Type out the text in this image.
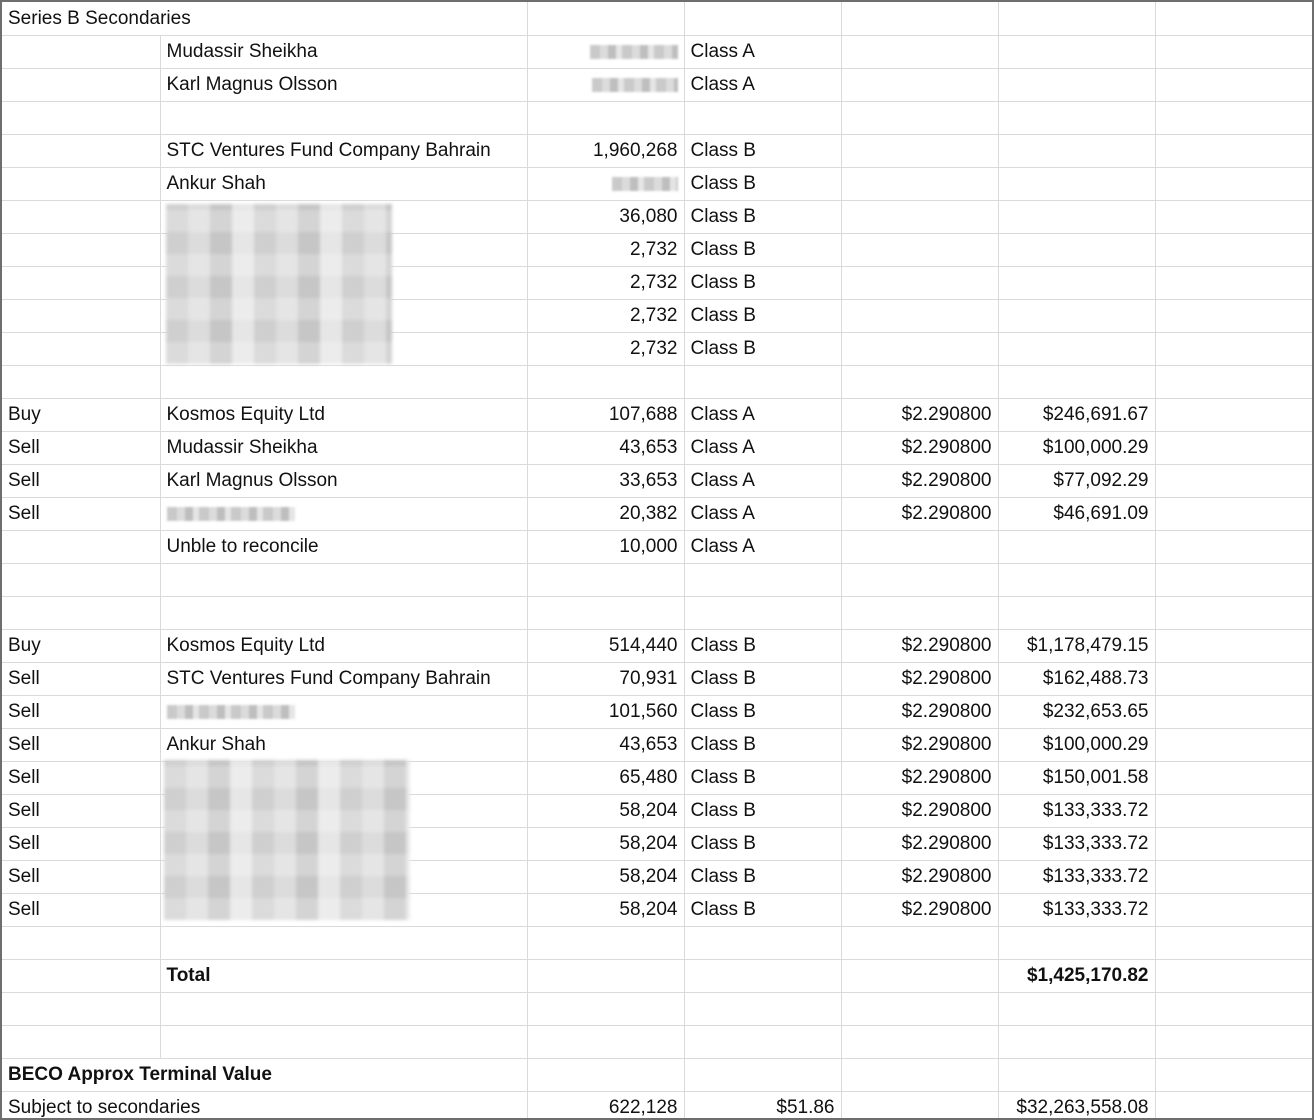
Series B Secondaries						
	Mudassir Sheikha		Class A			
	Karl Magnus Olsson		Class A			

	STC Ventures Fund Company Bahrain	1,960,268	Class B			
	Ankur Shah		Class B			
		36,080	Class B			
		2,732	Class B			
		2,732	Class B			
		2,732	Class B			
		2,732	Class B			

Buy	Kosmos Equity Ltd	107,688	Class A	$2.290800	$246,691.67	
Sell	Mudassir Sheikha	43,653	Class A	$2.290800	$100,000.29	
Sell	Karl Magnus Olsson	33,653	Class A	$2.290800	$77,092.29	
Sell		20,382	Class A	$2.290800	$46,691.09	
	Unble to reconcile	10,000	Class A			

Buy	Kosmos Equity Ltd	514,440	Class B	$2.290800	$1,178,479.15	
Sell	STC Ventures Fund Company Bahrain	70,931	Class B	$2.290800	$162,488.73	
Sell		101,560	Class B	$2.290800	$232,653.65	
Sell	Ankur Shah	43,653	Class B	$2.290800	$100,000.29	
Sell		65,480	Class B	$2.290800	$150,001.58	
Sell		58,204	Class B	$2.290800	$133,333.72	
Sell		58,204	Class B	$2.290800	$133,333.72	
Sell		58,204	Class B	$2.290800	$133,333.72	
Sell		58,204	Class B	$2.290800	$133,333.72	

	Total				$1,425,170.82	

BECO Approx Terminal Value						
Subject to secondaries		622,128	$51.86		$32,263,558.08	
